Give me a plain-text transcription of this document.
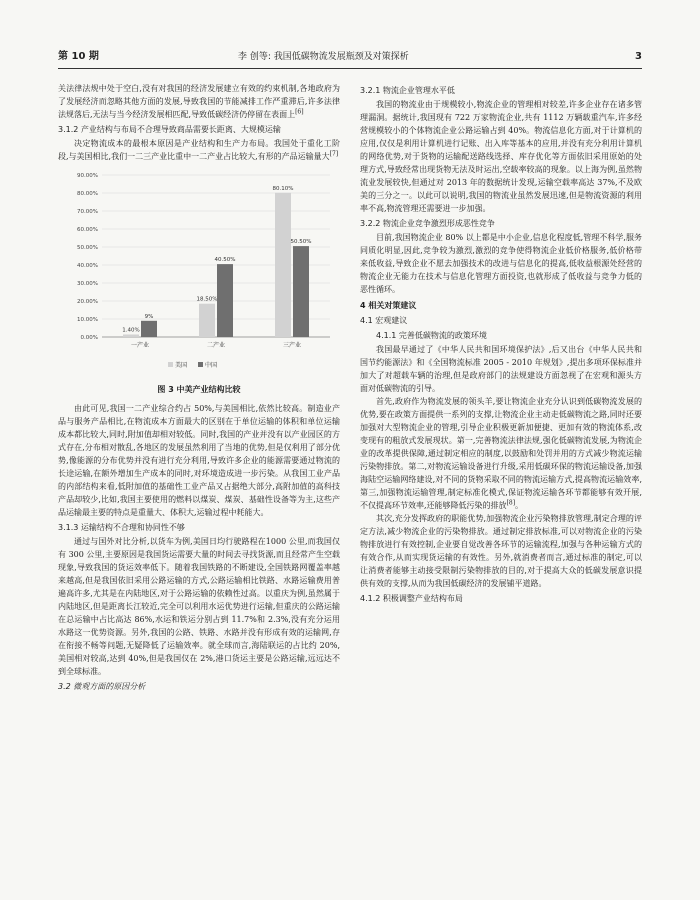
第 10 期	李 创等: 我国低碳物流发展瓶颈及对策探析	3

关法律法规中处于空白,没有对我国的经济发展建立有效的约束机制,各地政府为了发展经济而忽略其他方面的发展,导致我国的节能减排工作严重滞后,许多法律法规落后,无法与当今经济发展相匹配,导致低碳经济仍停留在表面上[6]

3.1.2 产业结构与布局不合理导致商品需要长距离、大规模运输

决定物流成本的最根本原因是产业结构和生产力布局。我国处于重化工阶段,与美国相比,我们一二三产业比重中一二产业占比较大,有形的产品运输量大[7]

0.00%
10.00%
20.00%
30.00%
40.00%
50.00%
60.00%
70.00%
80.00%
90.00%
1.40%
9%
一产业
18.50%
40.50%
二产业
80.10%
50.50%
三产业
美国	中国
图 3 中美产业结构比较

由此可见,我国一二产业综合约占 50%,与美国相比,依然比较高。制造业产品与服务产品相比,在物流成本方面最大的区别在于单位运输的体积和单位运输成本都比较大,同时,附加值却相对较低。同时,我国的产业并没有以产业园区的方式存在,分布相对散乱,各地区的发展虽然利用了当地的优势,但是仅利用了部分优势,像能源的分布优势并没有进行充分利用,导致许多企业的能源需要通过物流的长途运输,在额外增加生产成本的同时,对环境造成进一步污染。从我国工业产品的内部结构来看,低附加值的基础性工业产品又占据绝大部分,高附加值的高科技产品却较少,比如,我国主要使用的燃料以煤炭、煤炭、基础性设备等为主,这些产品运输最主要的特点是重量大、体积大,运输过程中耗能大。

3.1.3 运输结构不合理和协同性不够

通过与国外对比分析,以货车为例,美国日均行驶路程在1000 公里,而我国仅有 300 公里,主要原因是我国货运需要大量的时间去寻找货源,而且经常产生空载现象,导致我国的货运效率低下。随着我国铁路的不断建设,全国铁路网覆盖率越来越高,但是我国依旧采用公路运输的方式,公路运输相比铁路、水路运输费用普遍高许多,尤其是在内陆地区,对于公路运输的依赖性过高。以重庆为例,虽然属于内陆地区,但是距离长江较近,完全可以利用水运优势进行运输,但重庆的公路运输在总运输中占比高达 86%,水运和铁运分别占到 11.7%和 2.3%,没有充分运用水路这一优势资源。另外,我国的公路、铁路、水路并没有形成有效的运输网,存在衔接不畅等问题,无疑降低了运输效率。就全球而言,海陆联运的占比约 20%,美国相对较高,达到 40%,但是我国仅在 2%,港口货运主要是公路运输,远远达不到全球标准。

3.2 微观方面的原因分析
3.2.1 物流企业管理水平低

我国的物流业由于规模较小,物流企业的管理相对较差,许多企业存在诸多管理漏洞。据统计,我国现有 722 万家物流企业,共有 1112 万辆载重汽车,许多经营规模较小的个体物流企业公路运输占到 40%。物流信息化方面,对于计算机的应用,仅仅是利用计算机进行记账、出入库等基本的应用,并没有充分利用计算机的网络优势,对于货物的运输配送路线选择、库存优化等方面依旧采用原始的处理方式,导致经常出现货物无法及时运出,空载率较高的现象。以上海为例,虽然物流业发展较快,但通过对 2013 年的数据统计发现,运输空载率高达 37%,不及欧美的三分之一。以此可以说明,我国的物流业虽然发展迅速,但是物流资源的利用率不高,物流管理还需要进一步加强。

3.2.2 物流企业竞争激烈形成恶性竞争

目前,我国物流企业 80% 以上都是中小企业,信息化程度低,管理不科学,服务同质化明显,因此,竞争较为激烈,激烈的竞争使得物流企业低价格服务,低价格带来低收益,导致企业不愿去加强技术的改进与信息化的提高,低收益根源处经营的物流企业无能力在技术与信息化管理方面投资,也就形成了低收益与竞争力低的恶性循环。

4 相关对策建议
4.1 宏观建议
4.1.1 完善低碳物流的政策环境

我国最早通过了《中华人民共和国环境保护法》,后又出台《中华人民共和国节约能源法》和《全国物流标准 2005 - 2010 年规划》,提出多项环保标准并加大了对超载车辆的治理,但是政府部门的法规建设方面忽视了在宏观和源头方面对低碳物流的引导。

首先,政府作为物流发展的领头羊,要让物流企业充分认识到低碳物流发展的优势,要在政策方面提供一系列的支撑,让物流企业主动走低碳物流之路,同时还要加强对大型物流企业的管理,引导企业积极更新加便捷、更加有效的物流体系,改变现有的粗放式发展现状。第一,完善物流法律法规,强化低碳物流发展,为物流企业的改革提供保障,通过制定相应的制度,以鼓励和处罚并用的方式减少物流运输污染物排放。第二,对物流运输设备进行升级,采用低碳环保的物流运输设备,加强海陆空运输网络建设,对不同的货物采取不同的物流运输方式,提高物流运输效率,第三,加强物流运输管理,制定标准化模式,保证物流运输各环节都能够有效开展,不仅提高环节效率,还能够降低污染的排放[8]。

其次,充分发挥政府的职能优势,加强物流企业污染物排放管理,制定合理的评定方法,减少物流企业的污染物排放。通过制定排放标准,可以对物流企业的污染物排放进行有效控制,企业要自觉改善各环节的运输流程,加强与各种运输方式的有效合作,从而实现货运输的有效性。另外,就消费者而言,通过标准的制定,可以让消费者能够主动接受限制污染物排放的目的,对于提高大众的低碳发展意识提供有效的支撑,从而为我国低碳经济的发展铺平道路。

4.1.2 积极调整产业结构布局
